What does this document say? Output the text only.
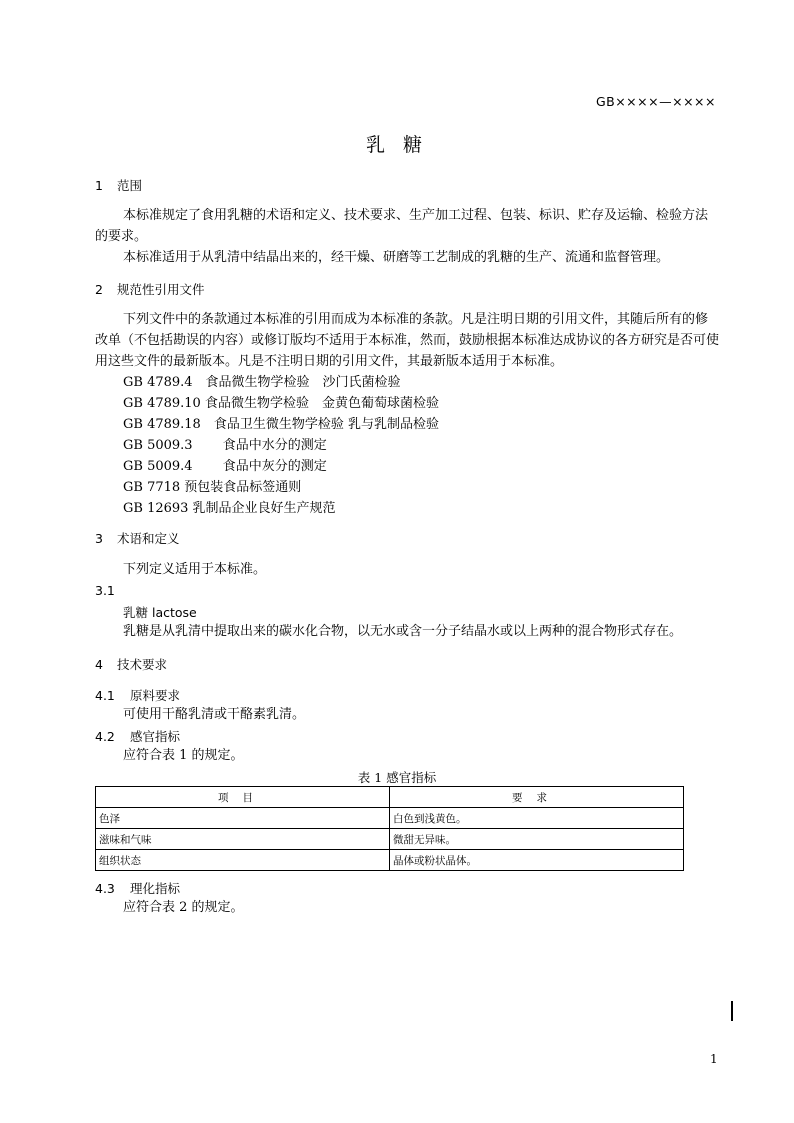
GB××××—××××
乳 糖
1 范围
本标准规定了食用乳糖的术语和定义、技术要求、生产加工过程、包装、标识、贮存及运输、检验方法的要求。
本标准适用于从乳清中结晶出来的，经干燥、研磨等工艺制成的乳糖的生产、流通和监督管理。
2 规范性引用文件
下列文件中的条款通过本标准的引用而成为本标准的条款。凡是注明日期的引用文件，其随后所有的修改单（不包括勘误的内容）或修订版均不适用于本标准，然而，鼓励根据本标准达成协议的各方研究是否可使用这些文件的最新版本。凡是不注明日期的引用文件，其最新版本适用于本标准。
GB 4789.4　食品微生物学检验　沙门氏菌检验
GB 4789.10 食品微生物学检验　金黄色葡萄球菌检验
GB 4789.18　食品卫生微生物学检验 乳与乳制品检验
GB 5009.3　　 食品中水分的测定
GB 5009.4　　 食品中灰分的测定
GB 7718 预包装食品标签通则
GB 12693 乳制品企业良好生产规范
3 术语和定义
下列定义适用于本标准。
3.1
乳糖 lactose
乳糖是从乳清中提取出来的碳水化合物，以无水或含一分子结晶水或以上两种的混合物形式存在。
4 技术要求
4.1 原料要求
可使用干酪乳清或干酪素乳清。
4.2 感官指标
应符合表 1 的规定。
表 1 感官指标
项目	要求
色泽	白色到浅黄色。
滋味和气味	微甜无异味。
组织状态	晶体或粉状晶体。
4.3 理化指标
应符合表 2 的规定。
1
